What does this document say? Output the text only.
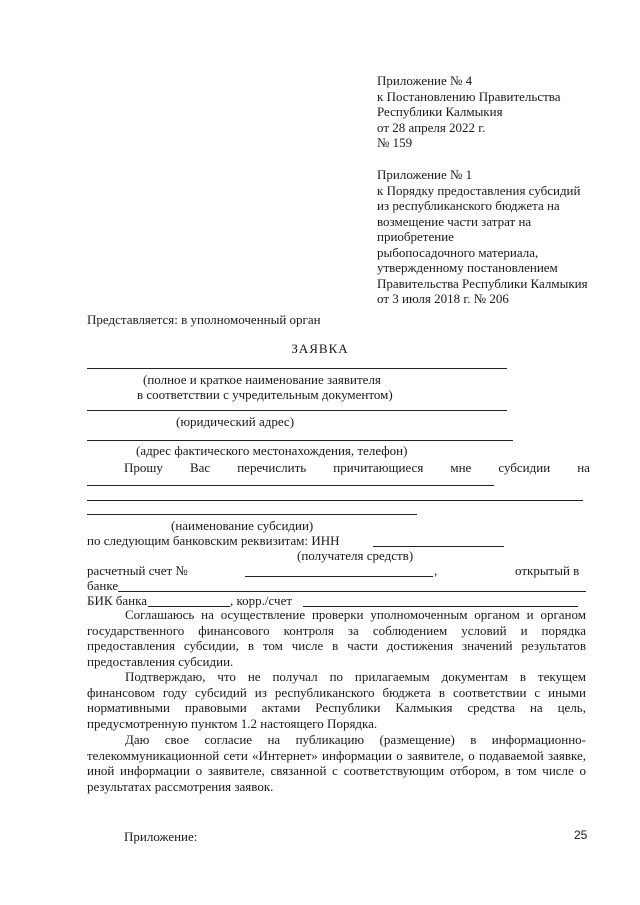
Приложение № 4
к Постановлению Правительства
Республики Калмыкия
от 28 апреля 2022 г.
№ 159
Приложение № 1
к Порядку предоставления субсидий
из республиканского бюджета на
возмещение части затрат на
приобретение
рыбопосадочного материала,
утвержденному постановлением
Правительства Республики Калмыкия
от 3 июля 2018 г. № 206
Представляется: в уполномоченный орган
ЗАЯВКА
(полное и краткое наименование заявителя
в соответствии с учредительным документом)
(юридический адрес)
(адрес фактического местонахождения, телефон)
Прошу Вас перечислить причитающиеся мне субсидии на
(наименование субсидии)
по следующим банковским реквизитам: ИНН
(получателя средств)
расчетный счет №	,	открытый в
банке
БИК банка	, корр./счет
Соглашаюсь на осуществление проверки уполномоченным органом и органом государственного финансового контроля за соблюдением условий и порядка предоставления субсидии, в том числе в части достижения значений результатов предоставления субсидии.
Подтверждаю, что не получал по прилагаемым документам в текущем финансовом году субсидий из республиканского бюджета в соответствии с иными нормативными правовыми актами Республики Калмыкия средства на цель, предусмотренную пунктом 1.2 настоящего Порядка.
Даю свое согласие на публикацию (размещение) в информационно-телекоммуникационной сети «Интернет» информации о заявителе, о подаваемой заявке, иной информации о заявителе, связанной с соответствующим отбором, в том числе о результатах рассмотрения заявок.
Приложение:	25
